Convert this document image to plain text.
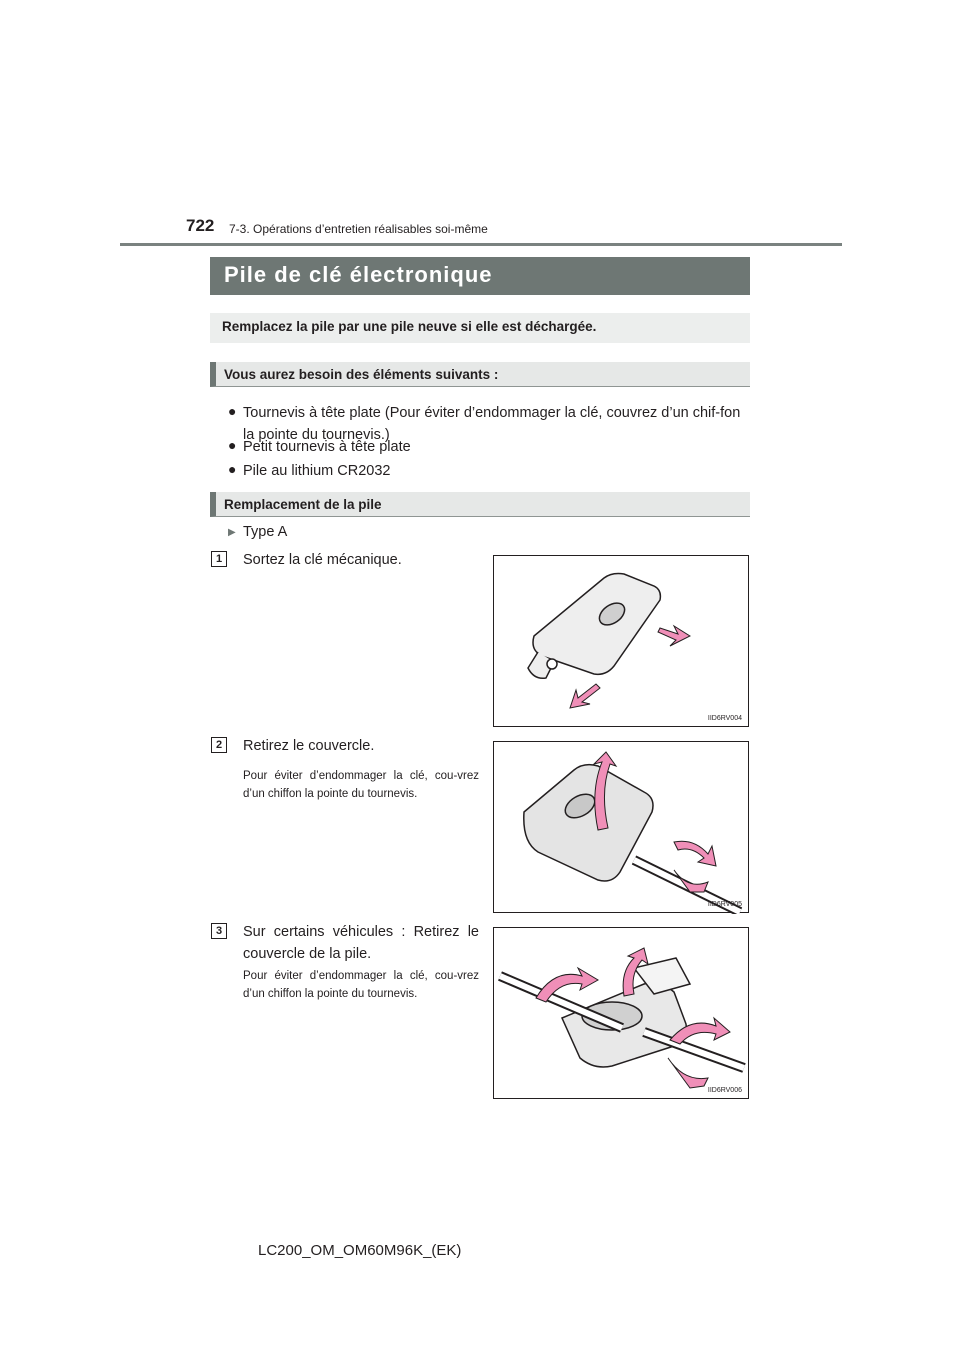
722 7-3. Opérations d’entretien réalisables soi-même
Pile de clé électronique
Remplacez la pile par une pile neuve si elle est déchargée.
Vous aurez besoin des éléments suivants :
● Tournevis à tête plate (Pour éviter d’endommager la clé, couvrez d’un chif-fon la pointe du tournevis.)
● Petit tournevis à tête plate
● Pile au lithium CR2032
Remplacement de la pile
▶ Type A
1	Sortez la clé mécanique.
IID6RV004
2	Retirez le couvercle.
Pour éviter d’endommager la clé, cou-vrez d’un chiffon la pointe du tournevis.
IID6RV005
3	Sur certains véhicules : Retirez le couvercle de la pile.
Pour éviter d’endommager la clé, cou-vrez d’un chiffon la pointe du tournevis.
IID6RV006
LC200_OM_OM60M96K_(EK)
